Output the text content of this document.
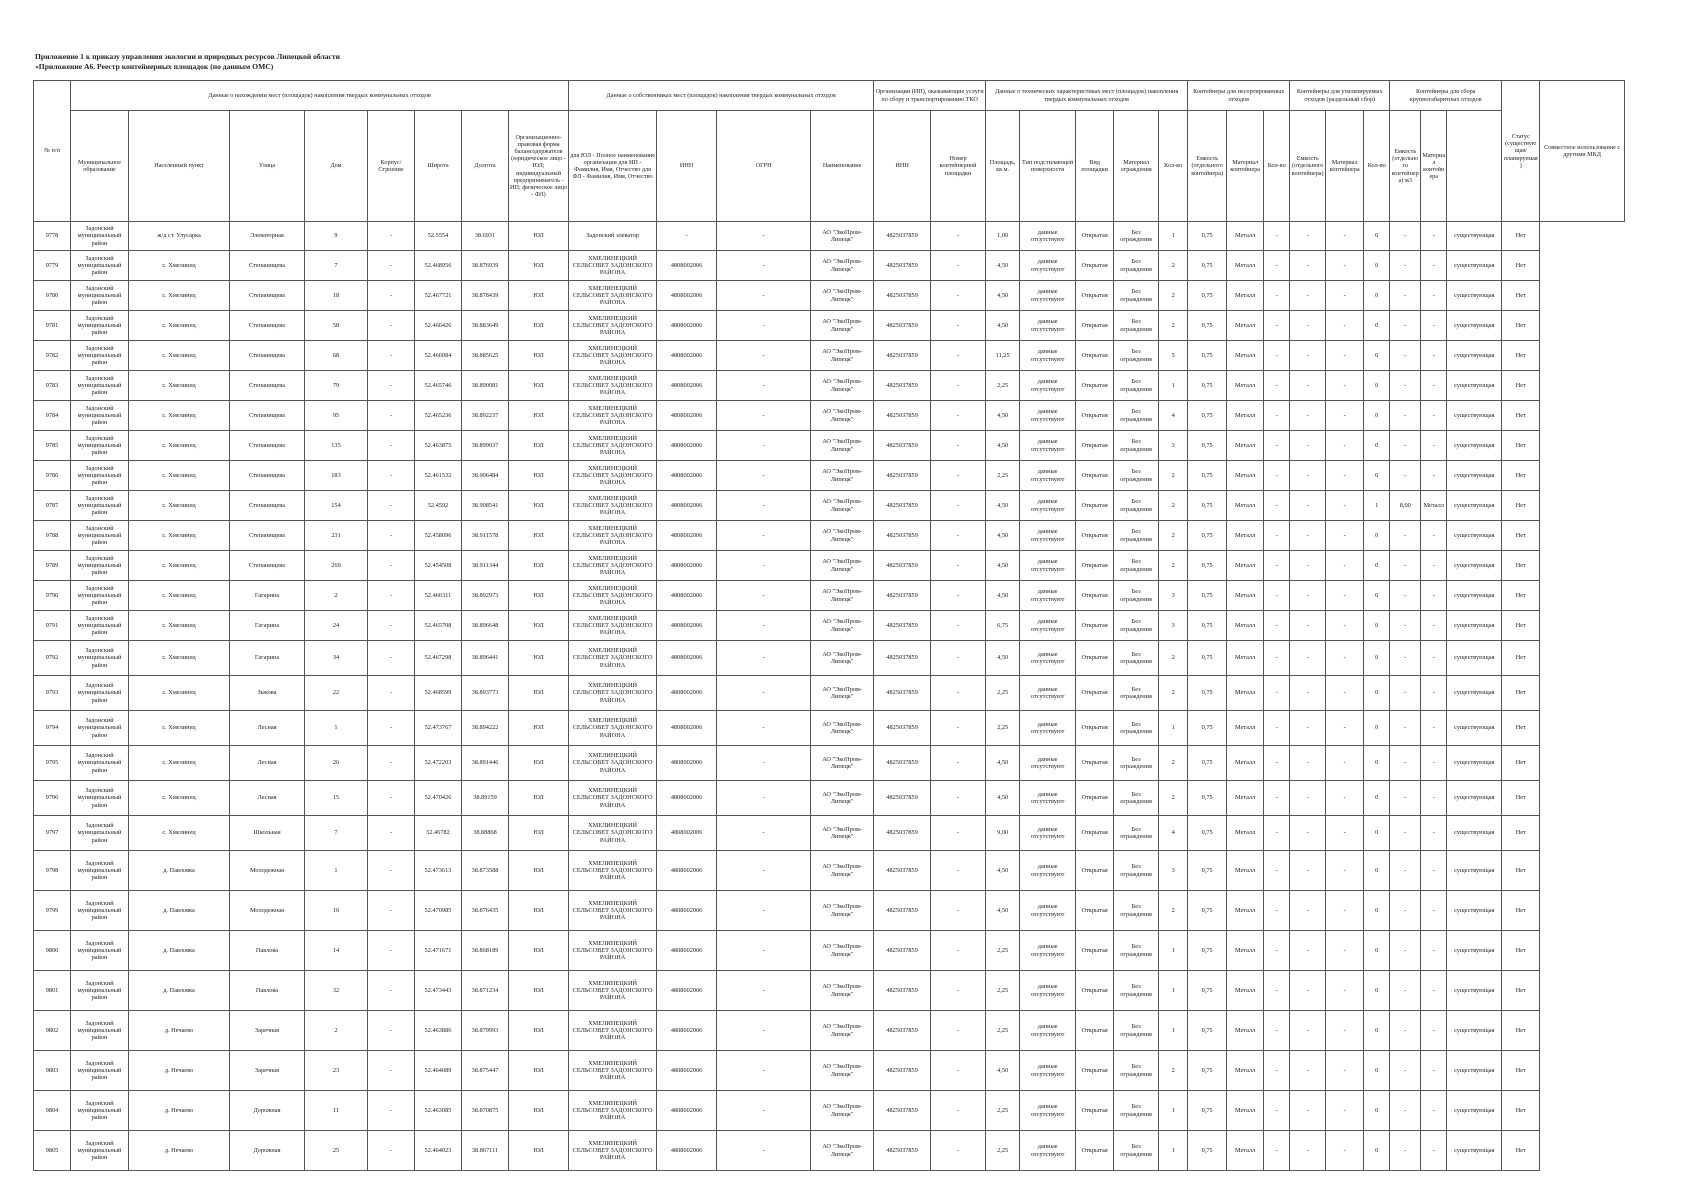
Приложение 1 к приказу управления экологии и природных ресурсов Липецкой области
«Приложение А6. Реестр контейнерных площадок (по данным ОМС)
№ п/п	Данные о нахождении мест (площадок) накопления твердых коммунальных отходов								Данные о собственниках мест (площадок) накопления твердых коммунальных отходов				Организации (ИП), оказывающие услуги по сбору и транспортированию ТКО		Данные о технических характеристиках мест (площадок) накопления твердых коммунальных отходов					Контейнеры для несортированных отходов			Контейнеры для утилизируемых отходов (раздельный сбор)			Контейнеры для сбора крупногабаритных отходов			Статус (существующая/планируемая)	Совместное использование с другими МКД
	Муниципальное образование	Населенный пункт	Улица	Дом	Корпус/Строение	Широта	Долгота	Организационно-правовая форма балансодержателя (юридическое лицо - ЮЛ; индивидуальный предприниматель - ИП; физическое лицо - ФЛ)	для ЮЛ - Полное наименование организации для ИП - Фамилия, Имя, Отчество для ФЛ - Фамилия, Имя, Отчество	ИНН	ОГРН	Наименование	ИНН	Номер контейнерной площадки	Площадь, кв.м.	Тип подстилающей поверхности	Вид площадки	Материал ограждения	Кол-во	Емкость (отдельного контейнера)	Материал контейнера	Кол-во	Емкость (отдельного контейнера)	Материал контейнера	Кол-во	Емкость (отдельного контейнера) м3	Материал контейнера			
9778	Задонский муниципальный район	ж/д ст. Улусарка	Элеваторная	9	-	52.5554	38.6931	ЮЛ	Задонский элеватор	-	-	АО "ЭкоПром-Липецк"	4825037859	-	1,00	данные отсутствуют	Открытая	Без ограждения	1	0,75	Металл	-	-	-	0	-	-	существующая	Нет	
9779	Задонский муниципальный район	с. Хмелинец	Степанищева	7	-	52.468956	38.876939	ЮЛ	ХМЕЛИНЕЦКИЙ СЕЛЬСОВЕТ ЗАДОНСКОГО РАЙОНА	4808002006	-	АО "ЭкоПром-Липецк"	4825037859	-	4,50	данные отсутствуют	Открытая	Без ограждения	2	0,75	Металл	-	-	-	0	-	-	существующая	Нет	
9780	Задонский муниципальный район	с. Хмелинец	Степанищева	18	-	52.467721	38.878439	ЮЛ	ХМЕЛИНЕЦКИЙ СЕЛЬСОВЕТ ЗАДОНСКОГО РАЙОНА	4808002006	-	АО "ЭкоПром-Липецк"	4825037859	-	4,50	данные отсутствуют	Открытая	Без ограждения	2	0,75	Металл	-	-	-	0	-	-	существующая	Нет	
9781	Задонский муниципальный район	с. Хмелинец	Степанищева	58	-	52.466426	38.883649	ЮЛ	ХМЕЛИНЕЦКИЙ СЕЛЬСОВЕТ ЗАДОНСКОГО РАЙОНА	4808002006	-	АО "ЭкоПром-Липецк"	4825037859	-	4,50	данные отсутствуют	Открытая	Без ограждения	2	0,75	Металл	-	-	-	0	-	-	существующая	Нет	
9782	Задонский муниципальный район	с. Хмелинец	Степанищева	68	-	52.466084	38.885625	ЮЛ	ХМЕЛИНЕЦКИЙ СЕЛЬСОВЕТ ЗАДОНСКОГО РАЙОНА	4808002006	-	АО "ЭкоПром-Липецк"	4825037859	-	11,25	данные отсутствуют	Открытая	Без ограждения	5	0,75	Металл	-	-	-	0	-	-	существующая	Нет	
9783	Задонский муниципальный район	с. Хмелинец	Степанищева	79	-	52.465746	38.890081	ЮЛ	ХМЕЛИНЕЦКИЙ СЕЛЬСОВЕТ ЗАДОНСКОГО РАЙОНА	4808002006	-	АО "ЭкоПром-Липецк"	4825037859	-	2,25	данные отсутствуют	Открытая	Без ограждения	1	0,75	Металл	-	-	-	0	-	-	существующая	Нет	
9784	Задонский муниципальный район	с. Хмелинец	Степанищева	95	-	52.465236	38.892237	ЮЛ	ХМЕЛИНЕЦКИЙ СЕЛЬСОВЕТ ЗАДОНСКОГО РАЙОНА	4808002006	-	АО "ЭкоПром-Липецк"	4825037859	-	4,50	данные отсутствуют	Открытая	Без ограждения	4	0,75	Металл	-	-	-	0	-	-	существующая	Нет	
9785	Задонский муниципальный район	с. Хмелинец	Степанищева	135	-	52.463875	38.899037	ЮЛ	ХМЕЛИНЕЦКИЙ СЕЛЬСОВЕТ ЗАДОНСКОГО РАЙОНА	4808002006	-	АО "ЭкоПром-Липецк"	4825037859	-	4,50	данные отсутствуют	Открытая	Без ограждения	3	0,75	Металл	-	-	-	0	-	-	существующая	Нет	
9786	Задонский муниципальный район	с. Хмелинец	Степанищева	183	-	52.461532	38.906484	ЮЛ	ХМЕЛИНЕЦКИЙ СЕЛЬСОВЕТ ЗАДОНСКОГО РАЙОНА	4808002006	-	АО "ЭкоПром-Липецк"	4825037859	-	2,25	данные отсутствуют	Открытая	Без ограждения	2	0,75	Металл	-	-	-	0	-	-	существующая	Нет	
9787	Задонский муниципальный район	с. Хмелинец	Степанищева	154	-	52.4592	38.908541	ЮЛ	ХМЕЛИНЕЦКИЙ СЕЛЬСОВЕТ ЗАДОНСКОГО РАЙОНА	4808002006	-	АО "ЭкоПром-Липецк"	4825037859	-	4,50	данные отсутствуют	Открытая	Без ограждения	2	0,75	Металл	-	-	-	1	8,00	Металл	существующая	Нет	
9788	Задонский муниципальный район	с. Хмелинец	Степанищева	231	-	52.458096	38.911578	ЮЛ	ХМЕЛИНЕЦКИЙ СЕЛЬСОВЕТ ЗАДОНСКОГО РАЙОНА	4808002006	-	АО "ЭкоПром-Липецк"	4825037859	-	4,50	данные отсутствуют	Открытая	Без ограждения	2	0,75	Металл	-	-	-	0	-	-	существующая	Нет	
9789	Задонский муниципальный район	с. Хмелинец	Степанищева	269	-	52.454508	38.911344	ЮЛ	ХМЕЛИНЕЦКИЙ СЕЛЬСОВЕТ ЗАДОНСКОГО РАЙОНА	4808002006	-	АО "ЭкоПром-Липецк"	4825037859	-	4,50	данные отсутствуют	Открытая	Без ограждения	2	0,75	Металл	-	-	-	0	-	-	существующая	Нет	
9790	Задонский муниципальный район	с. Хмелинец	Гагарина	2	-	52.466311	38.892973	ЮЛ	ХМЕЛИНЕЦКИЙ СЕЛЬСОВЕТ ЗАДОНСКОГО РАЙОНА	4808002006	-	АО "ЭкоПром-Липецк"	4825037859	-	4,50	данные отсутствуют	Открытая	Без ограждения	3	0,75	Металл	-	-	-	0	-	-	существующая	Нет	
9791	Задонский муниципальный район	с. Хмелинец	Гагарина	24	-	52.465708	38.896648	ЮЛ	ХМЕЛИНЕЦКИЙ СЕЛЬСОВЕТ ЗАДОНСКОГО РАЙОНА	4808002006	-	АО "ЭкоПром-Липецк"	4825037859	-	6,75	данные отсутствуют	Открытая	Без ограждения	3	0,75	Металл	-	-	-	0	-	-	существующая	Нет	
9792	Задонский муниципальный район	с. Хмелинец	Гагарина	34	-	52.467298	38.896441	ЮЛ	ХМЕЛИНЕЦКИЙ СЕЛЬСОВЕТ ЗАДОНСКОГО РАЙОНА	4808002006	-	АО "ЭкоПром-Липецк"	4825037859	-	4,50	данные отсутствуют	Открытая	Без ограждения	2	0,75	Металл	-	-	-	0	-	-	существующая	Нет	
9793	Задонский муниципальный район	с. Хмелинец	Зыкова	22	-	52.468599	38.893773	ЮЛ	ХМЕЛИНЕЦКИЙ СЕЛЬСОВЕТ ЗАДОНСКОГО РАЙОНА	4808002006	-	АО "ЭкоПром-Липецк"	4825037859	-	2,25	данные отсутствуют	Открытая	Без ограждения	2	0,75	Металл	-	-	-	0	-	-	существующая	Нет	
9794	Задонский муниципальный район	с. Хмелинец	Лесная	1	-	52.473767	38.894222	ЮЛ	ХМЕЛИНЕЦКИЙ СЕЛЬСОВЕТ ЗАДОНСКОГО РАЙОНА	4808002006	-	АО "ЭкоПром-Липецк"	4825037859	-	2,25	данные отсутствуют	Открытая	Без ограждения	1	0,75	Металл	-	-	-	0	-	-	существующая	Нет	
9795	Задонский муниципальный район	с. Хмелинец	Лесная	26	-	52.472203	38.891446	ЮЛ	ХМЕЛИНЕЦКИЙ СЕЛЬСОВЕТ ЗАДОНСКОГО РАЙОНА	4808002006	-	АО "ЭкоПром-Липецк"	4825037859	-	4,50	данные отсутствуют	Открытая	Без ограждения	2	0,75	Металл	-	-	-	0	-	-	существующая	Нет	
9796	Задонский муниципальный район	с. Хмелинец	Лесная	15	-	52.470426	38.89159	ЮЛ	ХМЕЛИНЕЦКИЙ СЕЛЬСОВЕТ ЗАДОНСКОГО РАЙОНА	4808002006	-	АО "ЭкоПром-Липецк"	4825037859	-	4,50	данные отсутствуют	Открытая	Без ограждения	2	0,75	Металл	-	-	-	0	-	-	существующая	Нет	
9797	Задонский муниципальный район	с. Хмелинец	Школьная	7	-	52.46782	38.88868	ЮЛ	ХМЕЛИНЕЦКИЙ СЕЛЬСОВЕТ ЗАДОНСКОГО РАЙОНА	4808002006	-	АО "ЭкоПром-Липецк"	4825037859	-	9,00	данные отсутствуют	Открытая	Без ограждения	4	0,75	Металл	-	-	-	0	-	-	существующая	Нет	
9798	Задонский муниципальный район	д. Павловка	Молодежная	1	-	52.473613	38.873588	ЮЛ	ХМЕЛИНЕЦКИЙ СЕЛЬСОВЕТ ЗАДОНСКОГО РАЙОНА	4808002006	-	АО "ЭкоПром-Липецк"	4825037859	-	4,50	данные отсутствуют	Открытая	Без ограждения	3	0,75	Металл	-	-	-	0	-	-	существующая	Нет	
9799	Задонский муниципальный район	д. Павловка	Молодежная	16	-	52.470985	38.876435	ЮЛ	ХМЕЛИНЕЦКИЙ СЕЛЬСОВЕТ ЗАДОНСКОГО РАЙОНА	4808002006	-	АО "ЭкоПром-Липецк"	4825037859	-	4,50	данные отсутствуют	Открытая	Без ограждения	2	0,75	Металл	-	-	-	0	-	-	существующая	Нет	
9800	Задонский муниципальный район	д. Павловка	Павлова	14	-	52.471671	38.868189	ЮЛ	ХМЕЛИНЕЦКИЙ СЕЛЬСОВЕТ ЗАДОНСКОГО РАЙОНА	4808002006	-	АО "ЭкоПром-Липецк"	4825037859	-	2,25	данные отсутствуют	Открытая	Без ограждения	1	0,75	Металл	-	-	-	0	-	-	существующая	Нет	
9801	Задонский муниципальный район	д. Павловка	Павлова	32	-	52.473443	38.871234	ЮЛ	ХМЕЛИНЕЦКИЙ СЕЛЬСОВЕТ ЗАДОНСКОГО РАЙОНА	4808002006	-	АО "ЭкоПром-Липецк"	4825037859	-	2,25	данные отсутствуют	Открытая	Без ограждения	1	0,75	Металл	-	-	-	0	-	-	существующая	Нет	
9802	Задонский муниципальный район	д. Нечаево	Заречная	2	-	52.463886	38.879993	ЮЛ	ХМЕЛИНЕЦКИЙ СЕЛЬСОВЕТ ЗАДОНСКОГО РАЙОНА	4808002006	-	АО "ЭкоПром-Липецк"	4825037859	-	2,25	данные отсутствуют	Открытая	Без ограждения	1	0,75	Металл	-	-	-	0	-	-	существующая	Нет	
9803	Задонский муниципальный район	д. Нечаево	Заречная	23	-	52.464089	38.875447	ЮЛ	ХМЕЛИНЕЦКИЙ СЕЛЬСОВЕТ ЗАДОНСКОГО РАЙОНА	4808002006	-	АО "ЭкоПром-Липецк"	4825037859	-	4,50	данные отсутствуют	Открытая	Без ограждения	2	0,75	Металл	-	-	-	0	-	-	существующая	Нет	
9804	Задонский муниципальный район	д. Нечаево	Дорожная	11	-	52.463085	38.870875	ЮЛ	ХМЕЛИНЕЦКИЙ СЕЛЬСОВЕТ ЗАДОНСКОГО РАЙОНА	4808002006	-	АО "ЭкоПром-Липецк"	4825037859	-	2,25	данные отсутствуют	Открытая	Без ограждения	1	0,75	Металл	-	-	-	0	-	-	существующая	Нет	
9805	Задонский муниципальный район	д. Нечаево	Дорожная	25	-	52.464023	38.867111	ЮЛ	ХМЕЛИНЕЦКИЙ СЕЛЬСОВЕТ ЗАДОНСКОГО РАЙОНА	4808002006	-	АО "ЭкоПром-Липецк"	4825037859	-	2,25	данные отсутствуют	Открытая	Без ограждения	1	0,75	Металл	-	-	-	0	-	-	существующая	Нет	
